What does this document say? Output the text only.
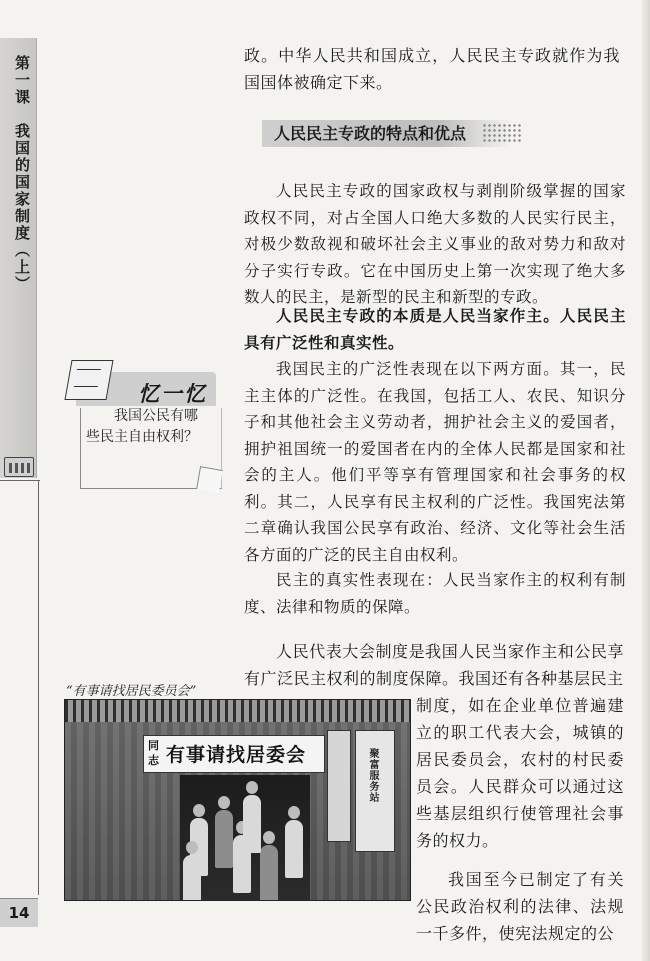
第一课　我国的国家制度（上）
14

政。中华人民共和国成立，人民民主专政就作为我国国体被确定下来。

人民民主专政的特点和优点

人民民主专政的国家政权与剥削阶级掌握的国家政权不同，对占全国人口绝大多数的人民实行民主，对极少数敌视和破坏社会主义事业的敌对势力和敌对分子实行专政。它在中国历史上第一次实现了绝大多数人的民主，是新型的民主和新型的专政。

人民民主专政的本质是人民当家作主。人民民主具有广泛性和真实性。

我国民主的广泛性表现在以下两方面。其一，民主主体的广泛性。在我国，包括工人、农民、知识分子和其他社会主义劳动者，拥护社会主义的爱国者，拥护祖国统一的爱国者在内的全体人民都是国家和社会的主人。他们平等享有管理国家和社会事务的权利。其二，人民享有民主权利的广泛性。我国宪法第二章确认我国公民享有政治、经济、文化等社会生活各方面的广泛的民主自由权利。

民主的真实性表现在：人民当家作主的权利有制度、法律和物质的保障。

人民代表大会制度是我国人民当家作主和公民享有广泛民主权利的制度保障。我国还有各种基层民主

制度，如在企业单位普遍建立的职工代表大会，城镇的居民委员会，农村的村民委员会。人民群众可以通过这些基层组织行使管理社会事务的权力。

我国至今已制定了有关公民政治权利的法律、法规一千多件，使宪法规定的公

忆一忆

我国公民有哪些民主自由权利？

“有事请找居民委员会”
同志 有事请找居委会	聚富服务站
